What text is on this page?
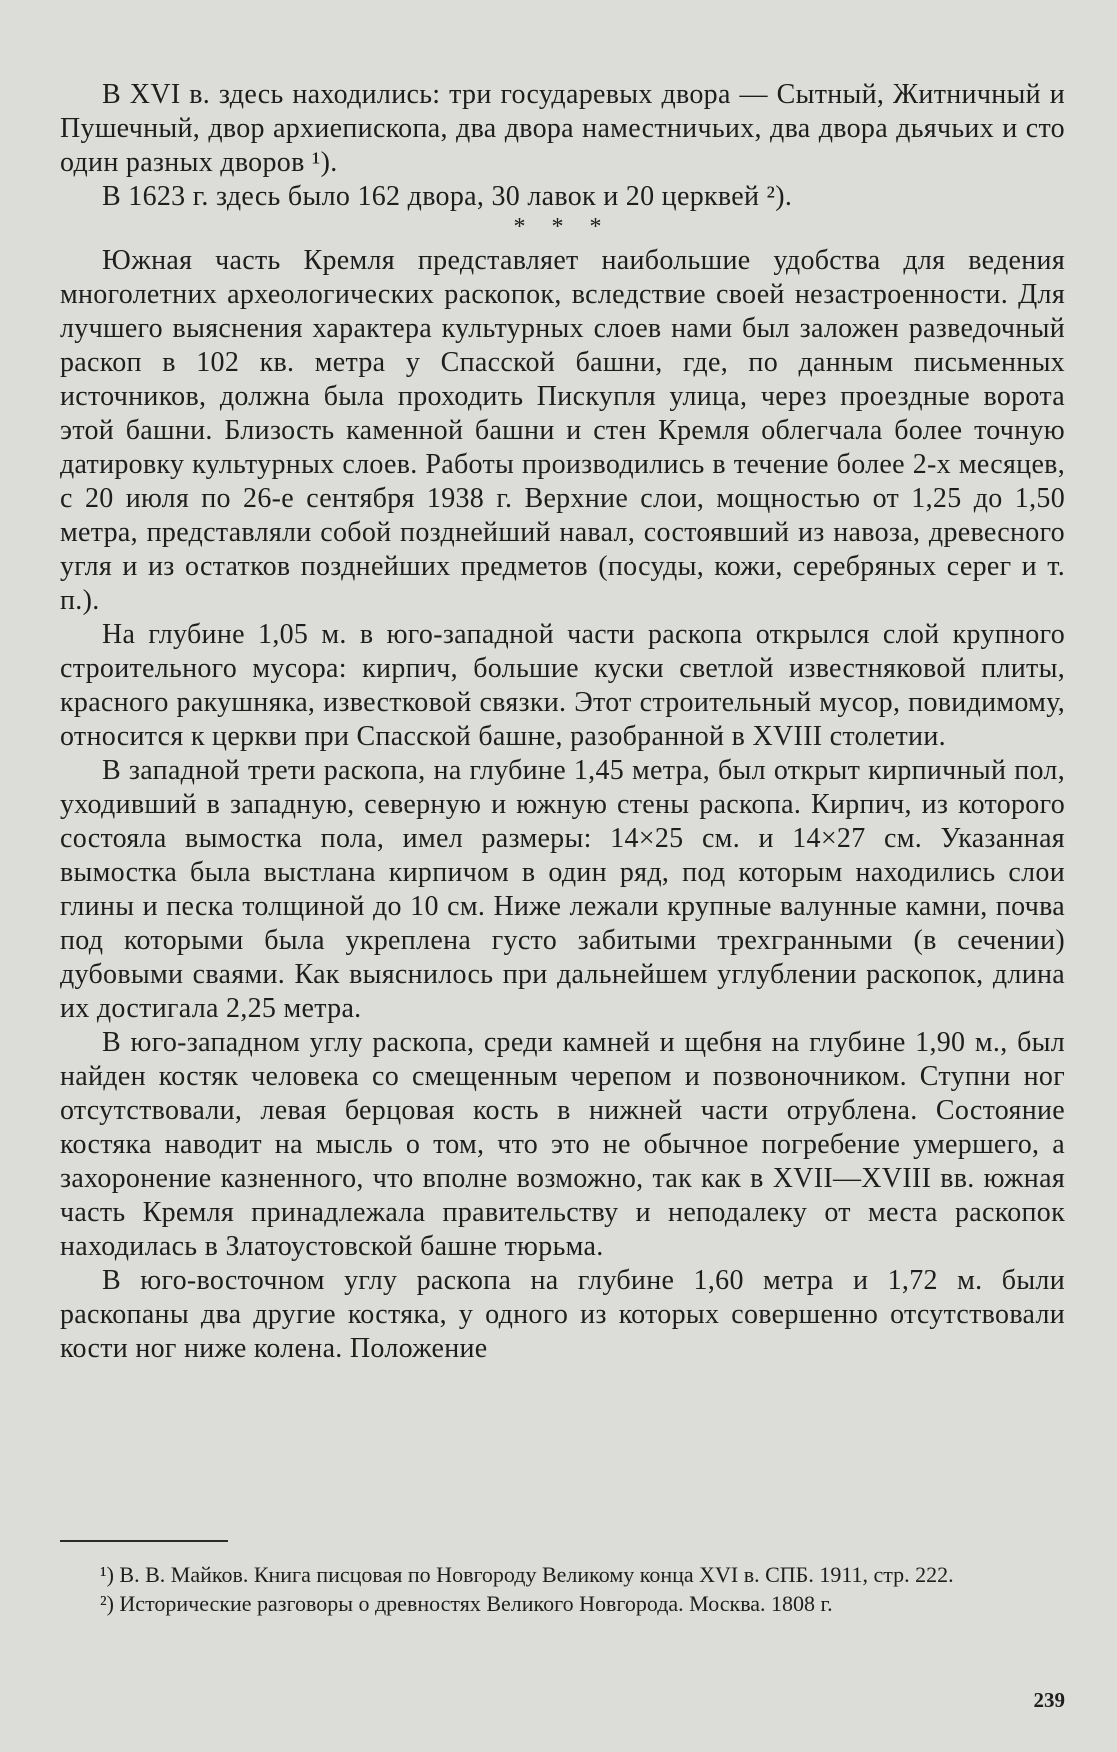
В XVI в. здесь находились: три государевых двора — Сытный, Житничный и Пушечный, двор архиепископа, два двора наместничьих, два двора дьячьих и сто один разных дворов ¹).

В 1623 г. здесь было 162 двора, 30 лавок и 20 церквей ²).

* * *

Южная часть Кремля представляет наибольшие удобства для ведения многолетних археологических раскопок, вследствие своей незастроенности. Для лучшего выяснения характера культурных слоев нами был заложен разведочный раскоп в 102 кв. метра у Спасской башни, где, по данным письменных источников, должна была проходить Пискупля улица, через проездные ворота этой башни. Близость каменной башни и стен Кремля облегчала более точную датировку культурных слоев. Работы производились в течение более 2-х месяцев, с 20 июля по 26-е сентября 1938 г. Верхние слои, мощностью от 1,25 до 1,50 метра, представляли собой позднейший навал, состоявший из навоза, древесного угля и из остатков позднейших предметов (посуды, кожи, серебряных серег и т. п.).

На глубине 1,05 м. в юго-западной части раскопа открылся слой крупного строительного мусора: кирпич, большие куски светлой известняковой плиты, красного ракушняка, известковой связки. Этот строительный мусор, повидимому, относится к церкви при Спасской башне, разобранной в XVIII столетии.

В западной трети раскопа, на глубине 1,45 метра, был открыт кирпичный пол, уходивший в западную, северную и южную стены раскопа. Кирпич, из которого состояла вымостка пола, имел размеры: 14×25 см. и 14×27 см. Указанная вымостка была выстлана кирпичом в один ряд, под которым находились слои глины и песка толщиной до 10 см. Ниже лежали крупные валунные камни, почва под которыми была укреплена густо забитыми трехгранными (в сечении) дубовыми сваями. Как выяснилось при дальнейшем углублении раскопок, длина их достигала 2,25 метра.

В юго-западном углу раскопа, среди камней и щебня на глубине 1,90 м., был найден костяк человека со смещенным черепом и позвоночником. Ступни ног отсутствовали, левая берцовая кость в нижней части отрублена. Состояние костяка наводит на мысль о том, что это не обычное погребение умершего, а захоронение казненного, что вполне возможно, так как в XVII—XVIII вв. южная часть Кремля принадлежала правительству и неподалеку от места раскопок находилась в Златоустовской башне тюрьма.

В юго-восточном углу раскопа на глубине 1,60 метра и 1,72 м. были раскопаны два другие костяка, у одного из которых совершенно отсутствовали кости ног ниже колена. Положение

¹) В. В. Майков. Книга писцовая по Новгороду Великому конца XVI в. СПБ. 1911, стр. 222.

²) Исторические разговоры о древностях Великого Новгорода. Москва. 1808 г.

239
